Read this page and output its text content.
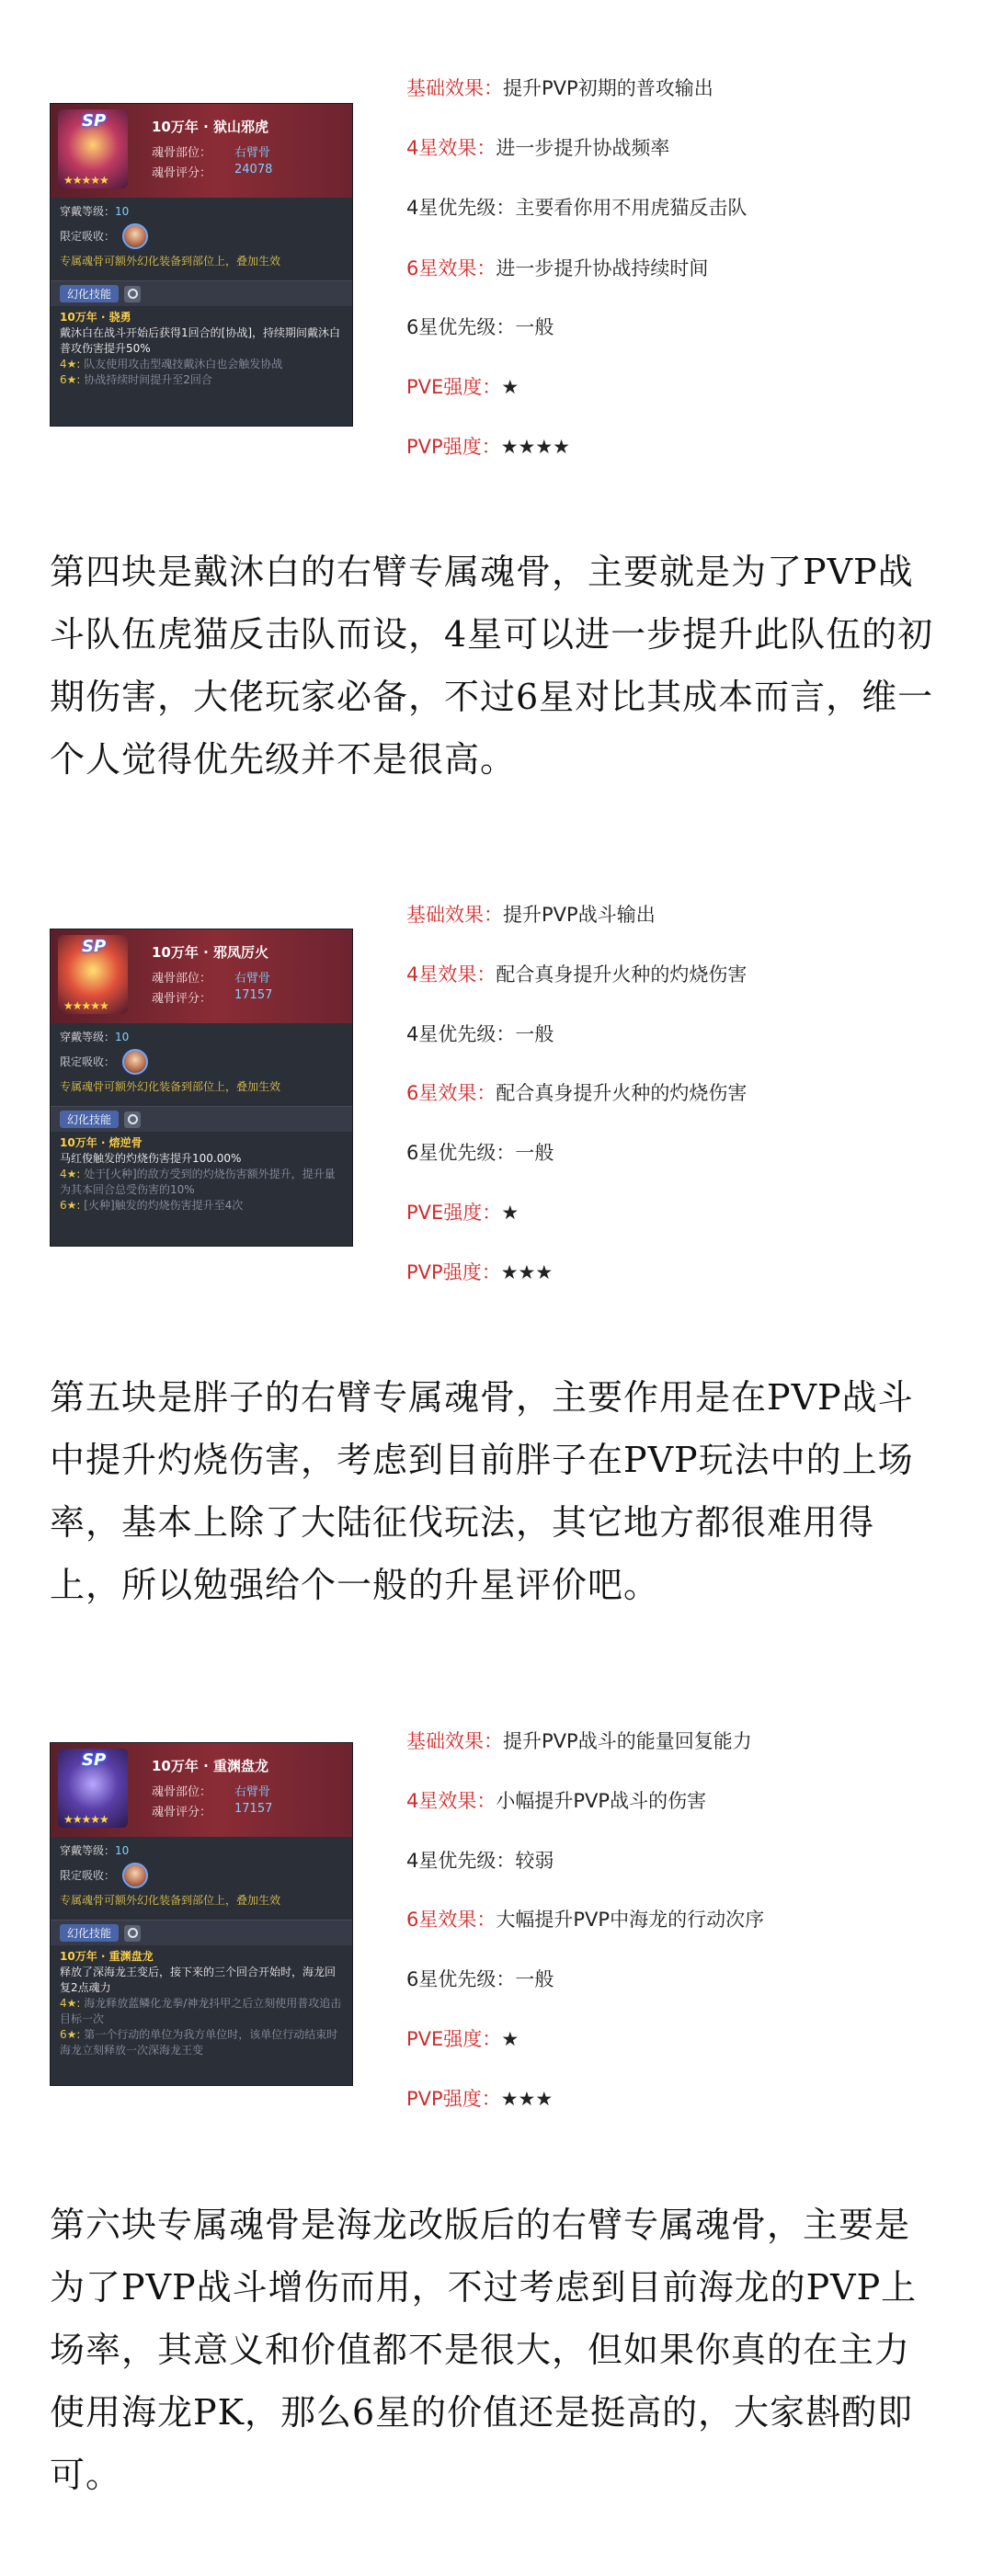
SP
★★★★★
10万年 · 狱山邪虎
魂骨部位： 右臂骨
魂骨评分： 24078
穿戴等级：10
限定吸收：
专属魂骨可额外幻化装备到部位上，叠加生效
幻化技能
10万年 · 骁勇
戴沐白在战斗开始后获得1回合的[协战]，持续期间戴沐白普攻伤害提升50%
4★: 队友使用攻击型魂技戴沐白也会触发协战
6★: 协战持续时间提升至2回合
基础效果：提升PVP初期的普攻输出
4星效果：进一步提升协战频率
4星优先级：主要看你用不用虎猫反击队
6星效果：进一步提升协战持续时间
6星优先级：一般
PVE强度：★
PVP强度：★★★★
第四块是戴沐白的右臂专属魂骨，主要就是为了PVP战斗队伍虎猫反击队而设，4星可以进一步提升此队伍的初期伤害，大佬玩家必备，不过6星对比其成本而言，维一个人觉得优先级并不是很高。
SP
★★★★★
10万年 · 邪凤厉火
魂骨部位： 右臂骨
魂骨评分： 17157
穿戴等级：10
限定吸收：
专属魂骨可额外幻化装备到部位上，叠加生效
幻化技能
10万年 · 熔逆骨
马红俊触发的灼烧伤害提升100.00%
4★: 处于[火种]的敌方受到的灼烧伤害额外提升，提升量为其本回合总受伤害的10%
6★: [火种]触发的灼烧伤害提升至4次
基础效果：提升PVP战斗输出
4星效果：配合真身提升火种的灼烧伤害
4星优先级：一般
6星效果：配合真身提升火种的灼烧伤害
6星优先级：一般
PVE强度：★
PVP强度：★★★
第五块是胖子的右臂专属魂骨，主要作用是在PVP战斗中提升灼烧伤害，考虑到目前胖子在PVP玩法中的上场率，基本上除了大陆征伐玩法，其它地方都很难用得上，所以勉强给个一般的升星评价吧。
SP
★★★★★
10万年 · 重渊盘龙
魂骨部位： 右臂骨
魂骨评分： 17157
穿戴等级：10
限定吸收：
专属魂骨可额外幻化装备到部位上，叠加生效
幻化技能
10万年 · 重渊盘龙
释放了深海龙王变后，接下来的三个回合开始时，海龙回复2点魂力
4★: 海龙释放蓝鳞化龙拳/神龙抖甲之后立刻使用普攻追击目标一次
6★: 第一个行动的单位为我方单位时，该单位行动结束时海龙立刻释放一次深海龙王变
基础效果：提升PVP战斗的能量回复能力
4星效果：小幅提升PVP战斗的伤害
4星优先级：较弱
6星效果：大幅提升PVP中海龙的行动次序
6星优先级：一般
PVE强度：★
PVP强度：★★★
第六块专属魂骨是海龙改版后的右臂专属魂骨，主要是为了PVP战斗增伤而用，不过考虑到目前海龙的PVP上场率，其意义和价值都不是很大，但如果你真的在主力使用海龙PK，那么6星的价值还是挺高的，大家斟酌即可。
